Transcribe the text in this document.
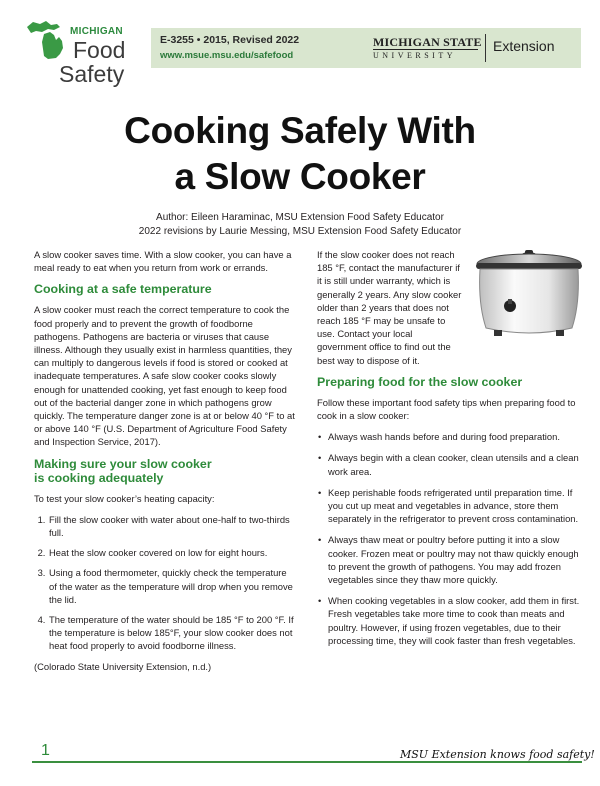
MICHIGAN
Food
Safety
E-3255 • 2015, Revised 2022
www.msue.msu.edu/safefood
MICHIGAN STATE
UNIVERSITY
Extension
Cooking Safely With
a Slow Cooker
Author: Eileen Haraminac, MSU Extension Food Safety Educator
2022 revisions by Laurie Messing, MSU Extension Food Safety Educator

A slow cooker saves time. With a slow cooker, you can have a meal ready to eat when you return from work or errands.

Cooking at a safe temperature

A slow cooker must reach the correct temperature to cook the food properly and to prevent the growth of foodborne pathogens. Pathogens are bacteria or viruses that cause illness. Although they usually exist in harmless quantities, they can multiply to dangerous levels if food is stored or cooked at inadequate temperatures. A safe slow cooker cooks slowly enough for unattended cooking, yet fast enough to keep food out of the bacterial danger zone in which pathogens grow quickly. The temperature danger zone is at or below 40 °F to at or above 140 °F (U.S. Department of Agriculture Food Safety and Inspection Service, 2017).

Making sure your slow cooker
is cooking adequately

To test your slow cooker’s heating capacity:

1. Fill the slow cooker with water about one-half to two-thirds full.
2. Heat the slow cooker covered on low for eight hours.
3. Using a food thermometer, quickly check the temperature of the water as the temperature will drop when you remove the lid.
4. The temperature of the water should be 185 °F to 200 °F. If the temperature is below 185°F, your slow cooker does not heat food properly to avoid foodborne illness.

(Colorado State University Extension, n.d.)

If the slow cooker does not reach 185 °F, contact the manufacturer if it is still under warranty, which is generally 2 years. Any slow cooker older than 2 years that does not reach 185 °F may be unsafe to use. Contact your local government office to find out the best way to dispose of it.

Preparing food for the slow cooker

Follow these important food safety tips when preparing food to cook in a slow cooker:

• Always wash hands before and during food preparation.
• Always begin with a clean cooker, clean utensils and a clean work area.
• Keep perishable foods refrigerated until preparation time. If you cut up meat and vegetables in advance, store them separately in the refrigerator to prevent cross contamination.
• Always thaw meat or poultry before putting it into a slow cooker. Frozen meat or poultry may not thaw quickly enough to prevent the growth of pathogens. You may add frozen vegetables since they thaw more quickly.
• When cooking vegetables in a slow cooker, add them in first. Fresh vegetables take more time to cook than meats and poultry. However, if using frozen vegetables, due to their processing time, they will cook faster than fresh vegetables.
1	MSU Extension knows food safety!
